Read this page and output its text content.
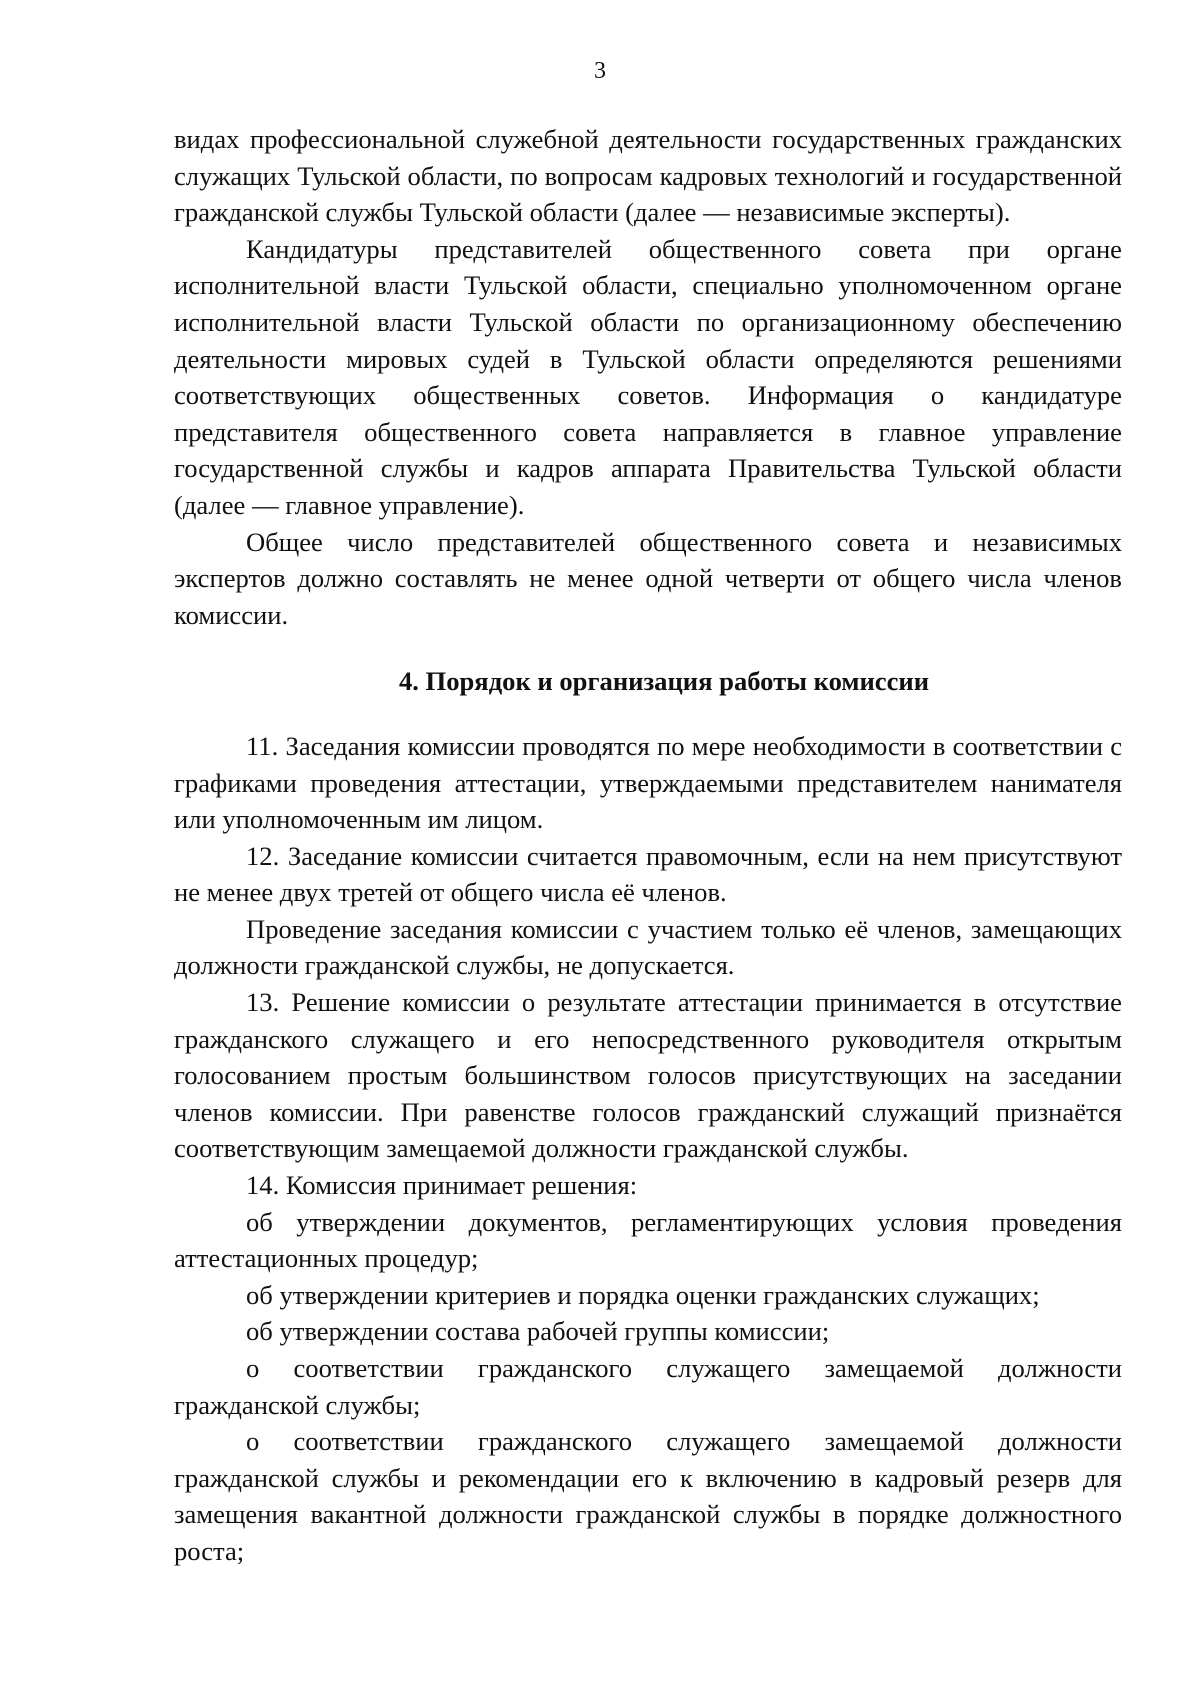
3

видах профессиональной служебной деятельности государственных гражданских служащих Тульской области, по вопросам кадровых технологий и государственной гражданской службы Тульской области (далее — независимые эксперты).

Кандидатуры представителей общественного совета при органе исполнительной власти Тульской области, специально уполномоченном органе исполнительной власти Тульской области по организационному обеспечению деятельности мировых судей в Тульской области определяются решениями соответствующих общественных советов. Информация о кандидатуре представителя общественного совета направляется в главное управление государственной службы и кадров аппарата Правительства Тульской области (далее — главное управление).

Общее число представителей общественного совета и независимых экспертов должно составлять не менее одной четверти от общего числа членов комиссии.

4. Порядок и организация работы комиссии

11. Заседания комиссии проводятся по мере необходимости в соответствии с графиками проведения аттестации, утверждаемыми представителем нанимателя или уполномоченным им лицом.

12. Заседание комиссии считается правомочным, если на нем присутствуют не менее двух третей от общего числа её членов.

Проведение заседания комиссии с участием только её членов, замещающих должности гражданской службы, не допускается.

13. Решение комиссии о результате аттестации принимается в отсутствие гражданского служащего и его непосредственного руководителя открытым голосованием простым большинством голосов присутствующих на заседании членов комиссии. При равенстве голосов гражданский служащий признаётся соответствующим замещаемой должности гражданской службы.

14. Комиссия принимает решения:

об утверждении документов, регламентирующих условия проведения аттестационных процедур;

об утверждении критериев и порядка оценки гражданских служащих;

об утверждении состава рабочей группы комиссии;

о соответствии гражданского служащего замещаемой должности гражданской службы;

о соответствии гражданского служащего замещаемой должности гражданской службы и рекомендации его к включению в кадровый резерв для замещения вакантной должности гражданской службы в порядке должностного роста;
